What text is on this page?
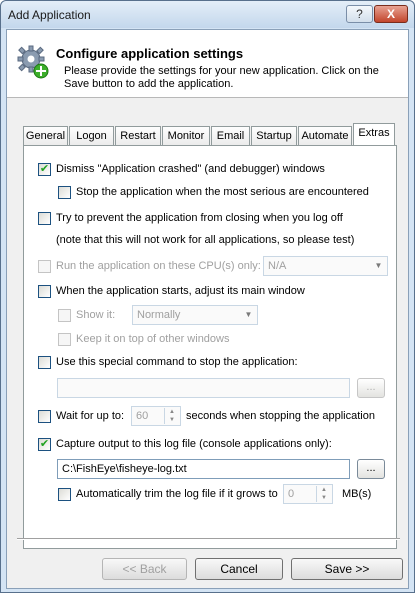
Add Application	?	X
Configure application settings
Please provide the settings for your new application. Click on the Save button to add the application.
General	Logon	Restart	Monitor	Email	Startup Automate Extras
✔ Dismiss "Application crashed" (and debugger) windows
Stop the application when the most serious are encountered
Try to prevent the application from closing when you log off
(note that this will not work for all applications, so please test)
Run the application on these CPU(s) only: N/A	▼
When the application starts, adjust its main window
Show it:	Normally	▼
Keep it on top of other windows
Use this special command to stop the application:
...
Wait for up to:	60	▲
▼	seconds when stopping the application
✔ Capture output to this log file (console applications only):
C:\FishEye\fisheye-log.txt	...
Automatically trim the log file if it grows to 0	▲
▼	MB(s)
<< Back	Cancel	Save >>
